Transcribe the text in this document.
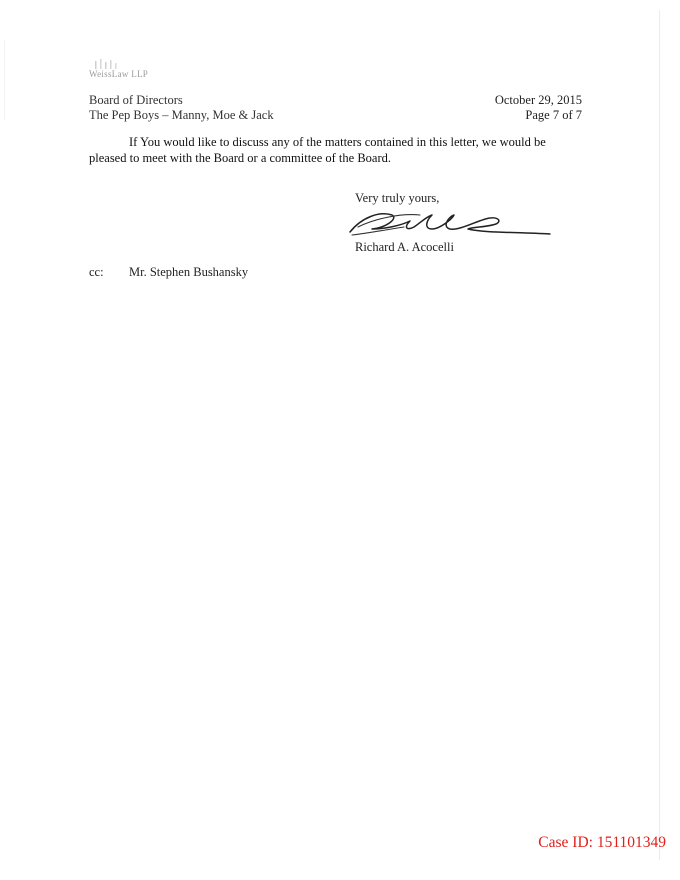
WeissLaw LLP
Board of Directors
The Pep Boys – Manny, Moe & Jack
October 29, 2015
Page 7 of 7
If You would like to discuss any of the matters contained in this letter, we would be pleased to meet with the Board or a committee of the Board.
Very truly yours,
Richard A. Acocelli
cc: Mr. Stephen Bushansky
Case ID: 151101349
